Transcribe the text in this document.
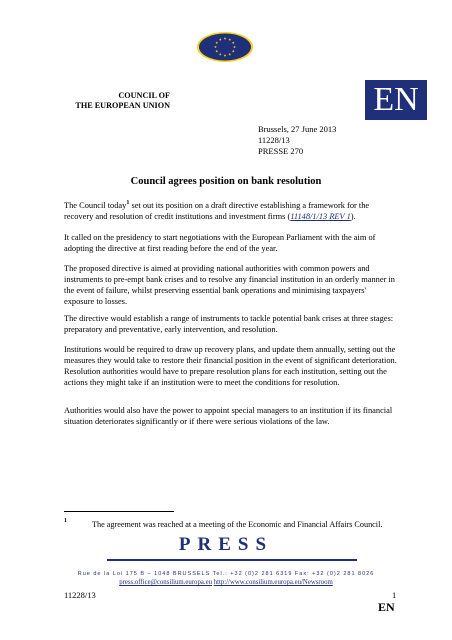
COUNCIL OF
THE EUROPEAN UNION	EN
Brussels, 27 June 2013
11228/13
PRESSE 270
Council agrees position on bank resolution
The Council today$^1$ set out its position on a draft directive establishing a framework for the recovery and resolution of credit institutions and investment firms (11148/1/13 REV 1).
It called on the presidency to start negotiations with the European Parliament with the aim of adopting the directive at first reading before the end of the year.
The proposed directive is aimed at providing national authorities with common powers and instruments to pre-empt bank crises and to resolve any financial institution in an orderly manner in the event of failure, whilst preserving essential bank operations and minimising taxpayers' exposure to losses.
The directive would establish a range of instruments to tackle potential bank crises at three stages: preparatory and preventative, early intervention, and resolution.
Institutions would be required to draw up recovery plans, and update them annually, setting out the measures they would take to restore their financial position in the event of significant deterioration. Resolution authorities would have to prepare resolution plans for each institution, setting out the actions they might take if an institution were to meet the conditions for resolution.
Authorities would also have the power to appoint special managers to an institution if its financial situation deteriorates significantly or if there were serious violations of the law.
1	The agreement was reached at a meeting of the Economic and Financial Affairs Council.
PRESS
Rue de la Loi 175 B – 1048 BRUSSELS Tel.: +32 (0)2 281 6319 Fax: +32 (0)2 281 8026
press.office@consilium.europa.eu http://www.consilium.europa.eu/Newsroom
11228/13	1
EN
